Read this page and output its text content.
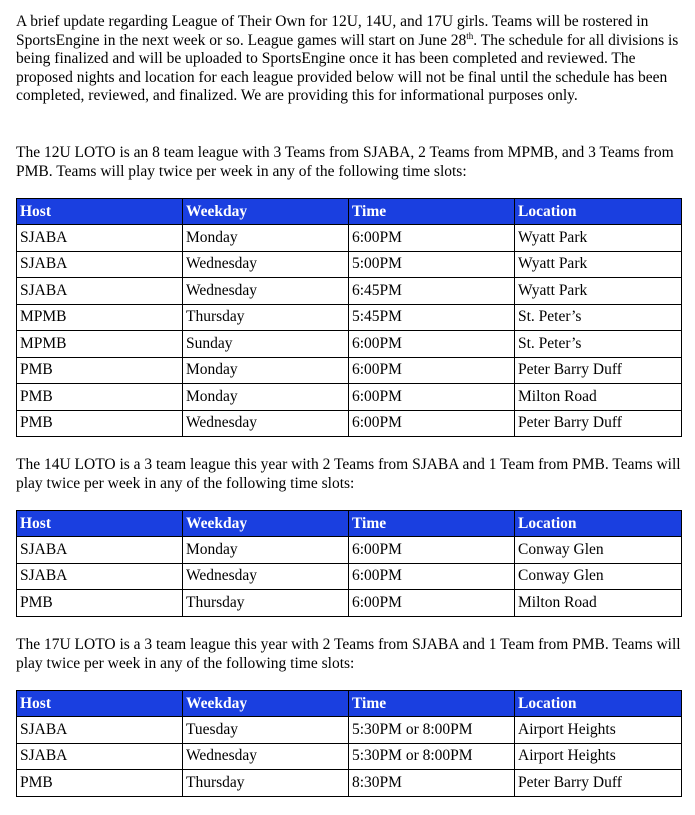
A brief update regarding League of Their Own for 12U, 14U, and 17U girls. Teams will be rostered in SportsEngine in the next week or so. League games will start on June 28th. The schedule for all divisions is being finalized and will be uploaded to SportsEngine once it has been completed and reviewed. The proposed nights and location for each league provided below will not be final until the schedule has been completed, reviewed, and finalized. We are providing this for informational purposes only.

The 12U LOTO is an 8 team league with 3 Teams from SJABA, 2 Teams from MPMB, and 3 Teams from PMB. Teams will play twice per week in any of the following time slots:

Host	Weekday	Time	Location
SJABA	Monday	6:00PM	Wyatt Park
SJABA	Wednesday	5:00PM	Wyatt Park
SJABA	Wednesday	6:45PM	Wyatt Park
MPMB	Thursday	5:45PM	St. Peter’s
MPMB	Sunday	6:00PM	St. Peter’s
PMB	Monday	6:00PM	Peter Barry Duff
PMB	Monday	6:00PM	Milton Road
PMB	Wednesday	6:00PM	Peter Barry Duff

The 14U LOTO is a 3 team league this year with 2 Teams from SJABA and 1 Team from PMB. Teams will play twice per week in any of the following time slots:

Host	Weekday	Time	Location
SJABA	Monday	6:00PM	Conway Glen
SJABA	Wednesday	6:00PM	Conway Glen
PMB	Thursday	6:00PM	Milton Road

The 17U LOTO is a 3 team league this year with 2 Teams from SJABA and 1 Team from PMB. Teams will play twice per week in any of the following time slots:

Host	Weekday	Time	Location
SJABA	Tuesday	5:30PM or 8:00PM	Airport Heights
SJABA	Wednesday	5:30PM or 8:00PM	Airport Heights
PMB	Thursday	8:30PM	Peter Barry Duff
